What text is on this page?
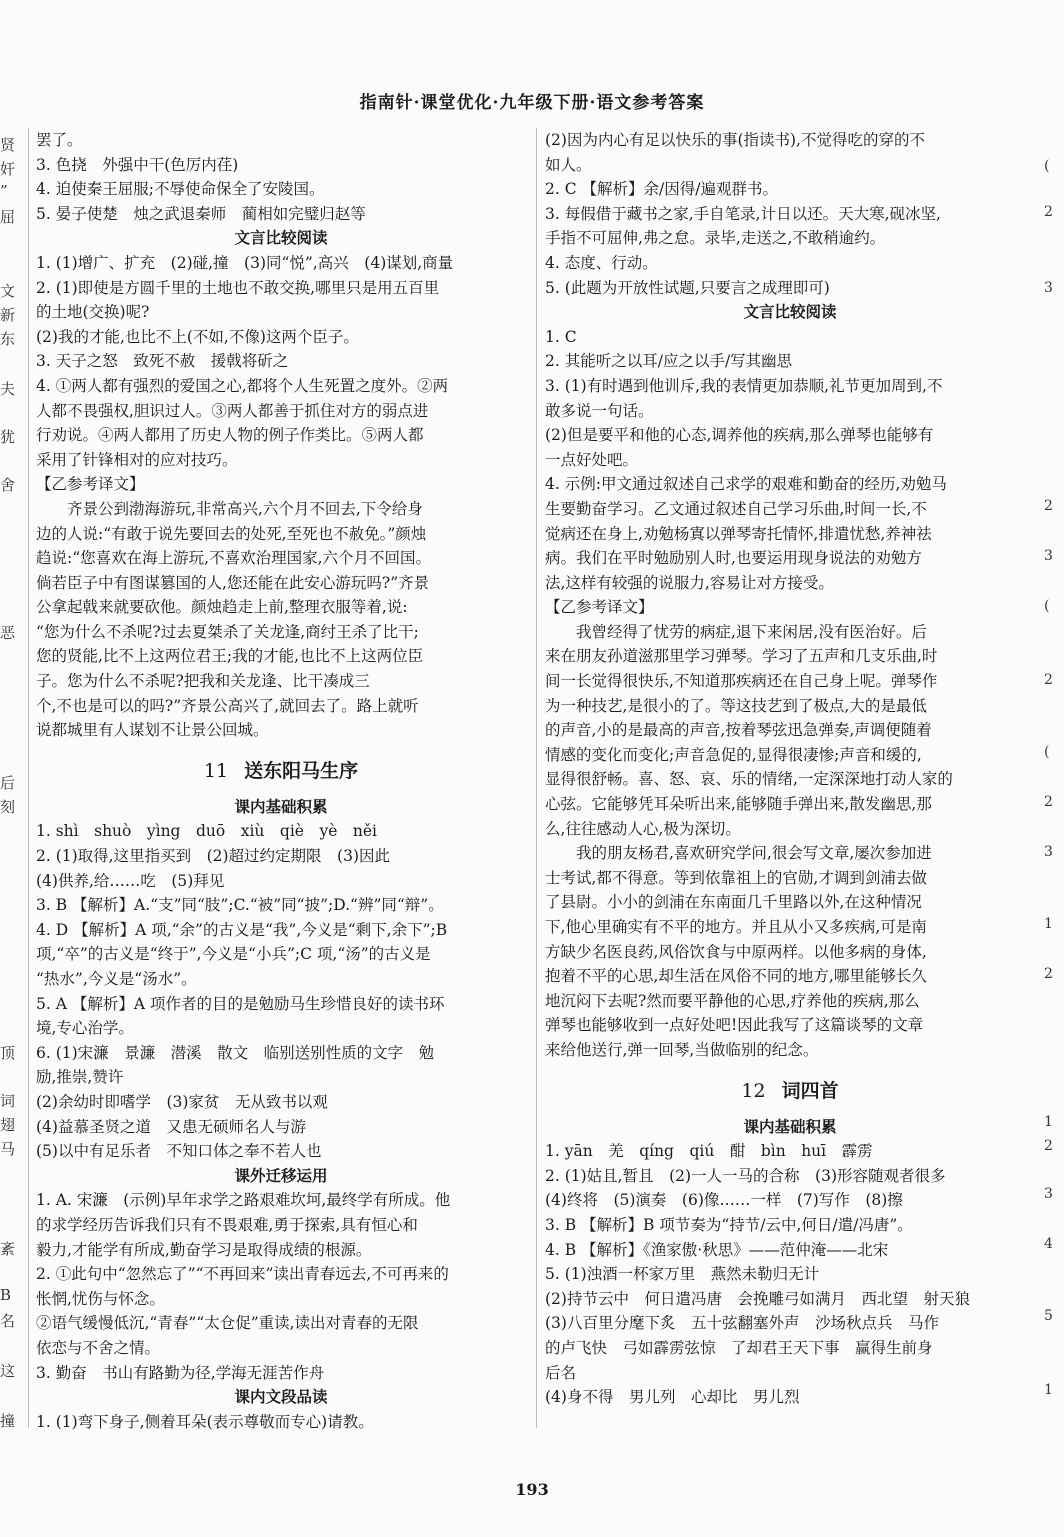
指南针·课堂优化·九年级下册·语文参考答案
贤
奸
”
屈
文
新
东
夫
犹
舍
恶
后
刻
顶
词
翅
马
紊
B
名
这
撞

罢了。

3. 色挠　外强中干(色厉内荏)

4. 迫使秦王屈服;不辱使命保全了安陵国。

5. 晏子使楚　烛之武退秦师　蔺相如完璧归赵等

文言比较阅读

1. (1)增广、扩充　(2)碰,撞　(3)同“悦”,高兴　(4)谋划,商量

2. (1)即使是方圆千里的土地也不敢交换,哪里只是用五百里

的土地(交换)呢?

(2)我的才能,也比不上(不如,不像)这两个臣子。

3. 天子之怒　致死不赦　援戟将斫之

4. ①两人都有强烈的爱国之心,都将个人生死置之度外。②两

人都不畏强权,胆识过人。③两人都善于抓住对方的弱点进

行劝说。④两人都用了历史人物的例子作类比。⑤两人都

采用了针锋相对的应对技巧。

【乙参考译文】

　　齐景公到渤海游玩,非常高兴,六个月不回去,下令给身

边的人说:“有敢于说先要回去的处死,至死也不赦免。”颜烛

趋说:“您喜欢在海上游玩,不喜欢治理国家,六个月不回国。

倘若臣子中有图谋篡国的人,您还能在此安心游玩吗?”齐景

公拿起戟来就要砍他。颜烛趋走上前,整理衣服等着,说:

“您为什么不杀呢?过去夏桀杀了关龙逢,商纣王杀了比干;

您的贤能,比不上这两位君王;我的才能,也比不上这两位臣

子。您为什么不杀呢?把我和关龙逢、比干凑成三

个,不也是可以的吗?”齐景公高兴了,就回去了。路上就听

说都城里有人谋划不让景公回城。

11 送东阳马生序

课内基础积累

1. shì　shuò　yìng　duō　xiù　qiè　yè　něi

2. (1)取得,这里指买到　(2)超过约定期限　(3)因此

(4)供养,给……吃　(5)拜见

3. B 【解析】A.“支”同“肢”;C.“被”同“披”;D.“辨”同“辩”。

4. D 【解析】A 项,“余”的古义是“我”,今义是“剩下,余下”;B

项,“卒”的古义是“终于”,今义是“小兵”;C 项,“汤”的古义是

“热水”,今义是“汤水”。

5. A 【解析】A 项作者的目的是勉励马生珍惜良好的读书环

境,专心治学。

6. (1)宋濂　景濂　潜溪　散文　临别送别性质的文字　勉

励,推崇,赞许

(2)余幼时即嗜学　(3)家贫　无从致书以观

(4)益慕圣贤之道　又患无硕师名人与游

(5)以中有足乐者　不知口体之奉不若人也

课外迁移运用

1. A. 宋濂　(示例)早年求学之路艰难坎坷,最终学有所成。他

的求学经历告诉我们只有不畏艰难,勇于探索,具有恒心和

毅力,才能学有所成,勤奋学习是取得成绩的根源。

2. ①此句中“忽然忘了”“不再回来”读出青春远去,不可再来的

怅惘,忧伤与怀念。

②语气缓慢低沉,“青春”“太仓促”重读,读出对青春的无限

依恋与不舍之情。

3. 勤奋　书山有路勤为径,学海无涯苦作舟

课内文段品读

1. (1)弯下身子,侧着耳朵(表示尊敬而专心)请教。

(2)因为内心有足以快乐的事(指读书),不觉得吃的穿的不

如人。

2. C 【解析】余/因得/遍观群书。

3. 每假借于藏书之家,手自笔录,计日以还。天大寒,砚冰坚,

手指不可屈伸,弗之怠。录毕,走送之,不敢稍逾约。

4. 态度、行动。

5. (此题为开放性试题,只要言之成理即可)

文言比较阅读

1. C

2. 其能听之以耳/应之以手/写其幽思

3. (1)有时遇到他训斥,我的表情更加恭顺,礼节更加周到,不

敢多说一句话。

(2)但是要平和他的心态,调养他的疾病,那么弹琴也能够有

一点好处吧。

4. 示例:甲文通过叙述自己求学的艰难和勤奋的经历,劝勉马

生要勤奋学习。乙文通过叙述自己学习乐曲,时间一长,不

觉病还在身上,劝勉杨寘以弹琴寄托情怀,排遣忧愁,养神祛

病。我们在平时勉励别人时,也要运用现身说法的劝勉方

法,这样有较强的说服力,容易让对方接受。

【乙参考译文】

　　我曾经得了忧劳的病症,退下来闲居,没有医治好。后

来在朋友孙道滋那里学习弹琴。学习了五声和几支乐曲,时

间一长觉得很快乐,不知道那疾病还在自己身上呢。弹琴作

为一种技艺,是很小的了。等这技艺到了极点,大的是最低

的声音,小的是最高的声音,按着琴弦迅急弹奏,声调便随着

情感的变化而变化;声音急促的,显得很凄惨;声音和缓的,

显得很舒畅。喜、怒、哀、乐的情绪,一定深深地打动人家的

心弦。它能够凭耳朵听出来,能够随手弹出来,散发幽思,那

么,往往感动人心,极为深切。

　　我的朋友杨君,喜欢研究学问,很会写文章,屡次参加进

士考试,都不得意。等到依靠祖上的官勋,才调到剑浦去做

了县尉。小小的剑浦在东南面几千里路以外,在这种情况

下,他心里确实有不平的地方。并且从小又多疾病,可是南

方缺少名医良药,风俗饮食与中原两样。以他多病的身体,

抱着不平的心思,却生活在风俗不同的地方,哪里能够长久

地沉闷下去呢?然而要平静他的心思,疗养他的疾病,那么

弹琴也能够收到一点好处吧!因此我写了这篇谈琴的文章

来给他送行,弹一回琴,当做临别的纪念。

12 词四首

课内基础积累

1. yān　羌　qíng　qiú　酣　bìn　huī　霹雳

2. (1)姑且,暂且　(2)一人一马的合称　(3)形容随观者很多

(4)终将　(5)演奏　(6)像……一样　(7)写作　(8)擦

3. B 【解析】B 项节奏为“持节/云中,何日/遣/冯唐”。

4. B 【解析】《渔家傲·秋思》——范仲淹——北宋

5. (1)浊酒一杯家万里　燕然未勒归无计

(2)持节云中　何日遣冯唐　会挽雕弓如满月　西北望　射天狼

(3)八百里分麾下炙　五十弦翻塞外声　沙场秋点兵　马作

的卢飞快　弓如霹雳弦惊　了却君王天下事　赢得生前身

后名

(4)身不得　男儿列　心却比　男儿烈

(
2
3
2
3
(
2
(
2
3
1
2
1
2
3
4
5
1
193
